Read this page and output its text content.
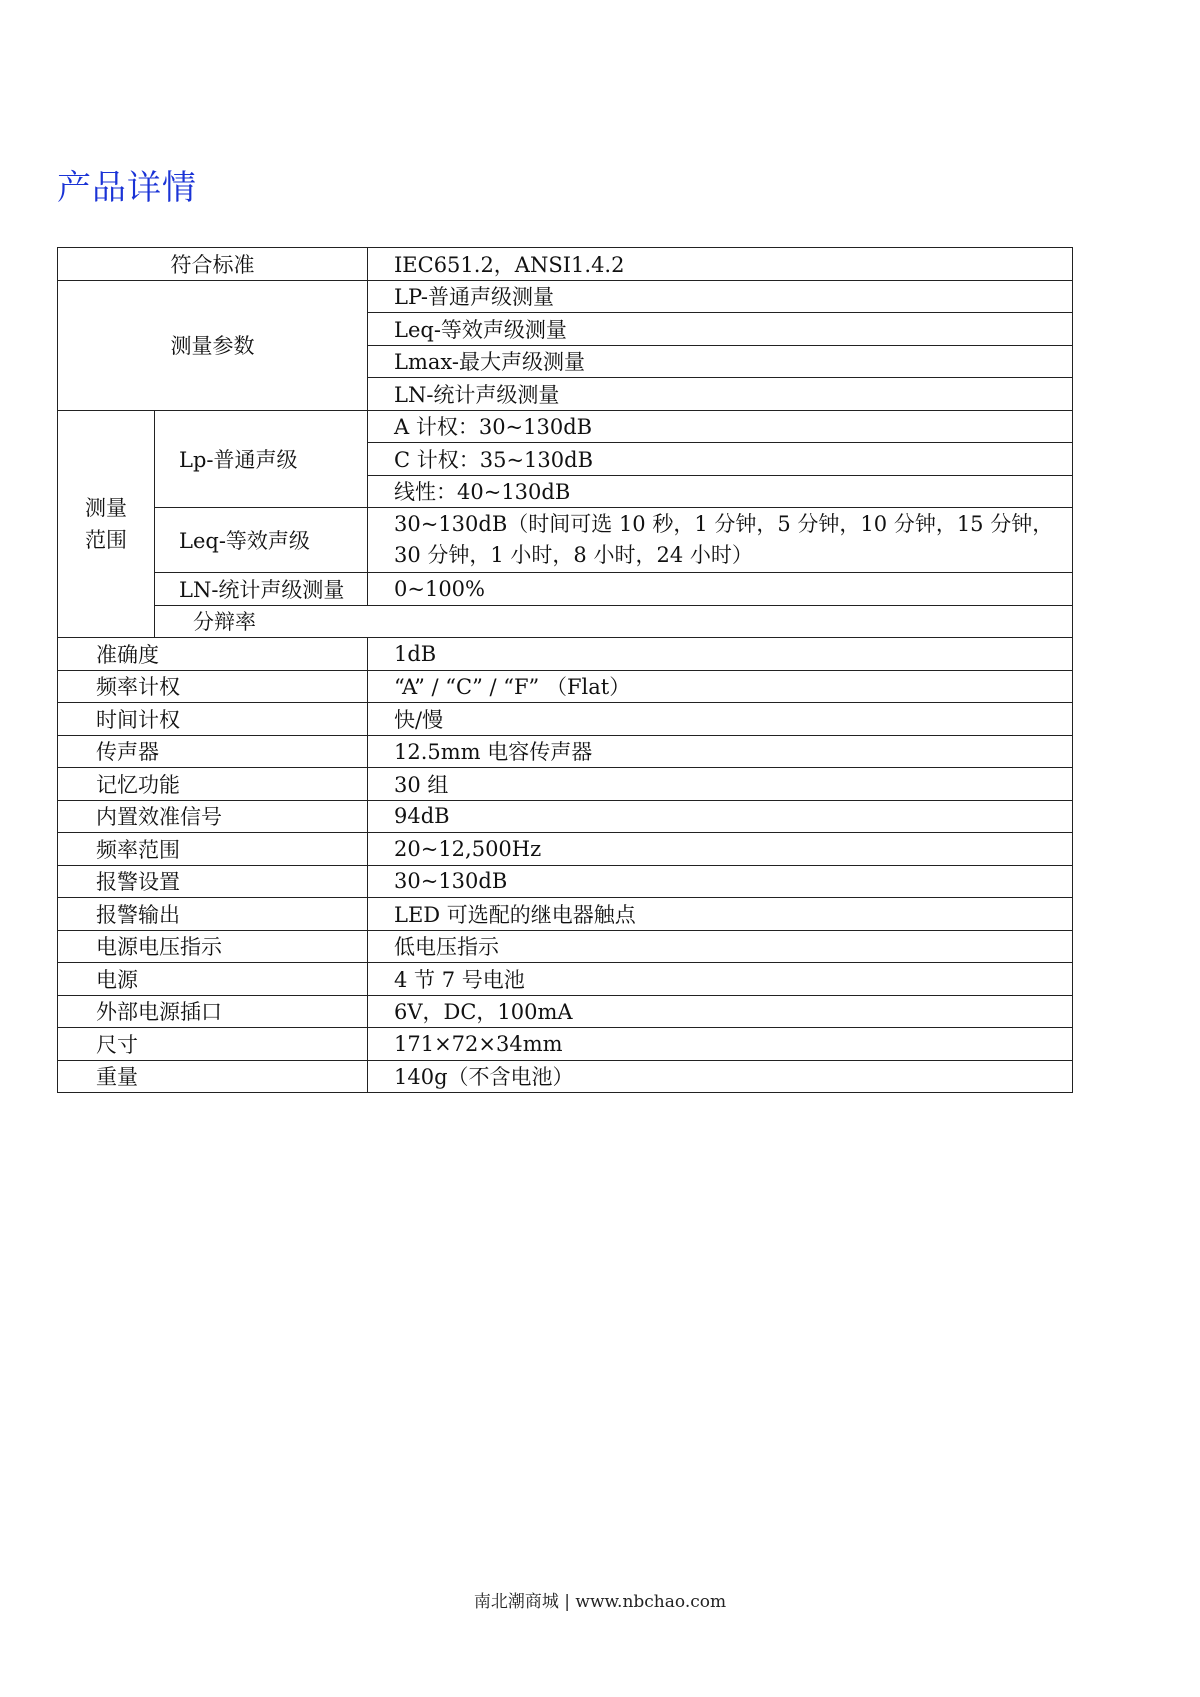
产品详情
符合标准		IEC651.2，ANSI1.4.2	
测量参数		LP-普通声级测量	
		Leq-等效声级测量	
		Lmax-最大声级测量	
		LN-统计声级测量	

测量
范围	Lp-普通声级	A 计权：30~130dB	
		C 计权：35~130dB	
		线性：40~130dB	
	Leq-等效声级	30~130dB（时间可选 10 秒，1 分钟，5 分钟，10 分钟，15 分钟，
30 分钟，1 小时，8 小时，24 小时）	

	LN-统计声级测量	0~100%	
	分辩率	
准确度		1dB	
频率计权		“A” / “C” / “F” （Flat）	
时间计权		快/慢	
传声器		12.5mm 电容传声器	
记忆功能		30 组	
内置效准信号		94dB	
频率范围		20~12,500Hz	
报警设置		30~130dB	
报警输出		LED 可选配的继电器触点	
电源电压指示		低电压指示	
电源		4 节 7 号电池	
外部电源插口		6V，DC，100mA	
尺寸		171×72×34mm	
重量		140g（不含电池）	
南北潮商城 | www.nbchao.com
